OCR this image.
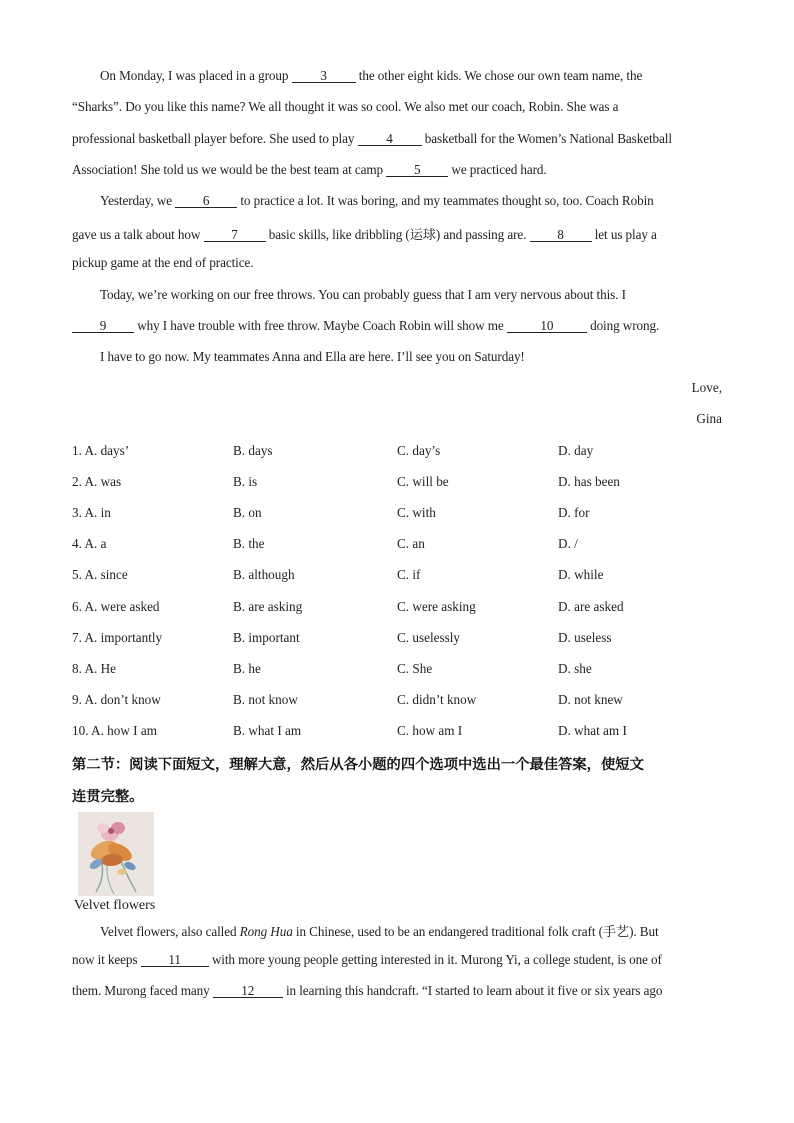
On Monday, I was placed in a group 3 the other eight kids. We chose our own team name, the
“Sharks”. Do you like this name? We all thought it was so cool. We also met our coach, Robin. She was a
professional basketball player before. She used to play 4 basketball for the Women’s National Basketball
Association! She told us we would be the best team at camp 5 we practiced hard.
Yesterday, we 6 to practice a lot. It was boring, and my teammates thought so, too. Coach Robin
gave us a talk about how 7 basic skills, like dribbling (运球) and passing are. 8 let us play a
pickup game at the end of practice.
Today, we’re working on our free throws. You can probably guess that I am very nervous about this. I
9 why I have trouble with free throw. Maybe Coach Robin will show me	10	doing wrong.
I have to go now. My teammates Anna and Ella are here. I’ll see you on Saturday!
Love,
Gina
1. A. days’	B. days	C. day’s	D. day
2. A. was	B. is	C. will be	D. has been
3. A. in	B. on	C. with	D. for
4. A. a	B. the	C. an	D. /
5. A. since	B. although	C. if	D. while
6. A. were asked	B. are asking	C. were asking	D. are asked
7. A. importantly	B. important	C. uselessly	D. useless
8. A. He	B. he	C. She	D. she
9. A. don’t know	B. not know	C. didn’t know	D. not knew
10. A. how I am	B. what I am	C. how am I	D. what am I
第二节：阅读下面短文，理解大意，然后从各小题的四个选项中选出一个最佳答案，使短文
连贯完整。
Velvet flowers
Velvet flowers, also called Rong Hua in Chinese, used to be an endangered traditional folk craft (手艺). But
now it keeps 11 with more young people getting interested in it. Murong Yi, a college student, is one of
them. Murong faced many 12 in learning this handcraft. “I started to learn about it five or six years ago
